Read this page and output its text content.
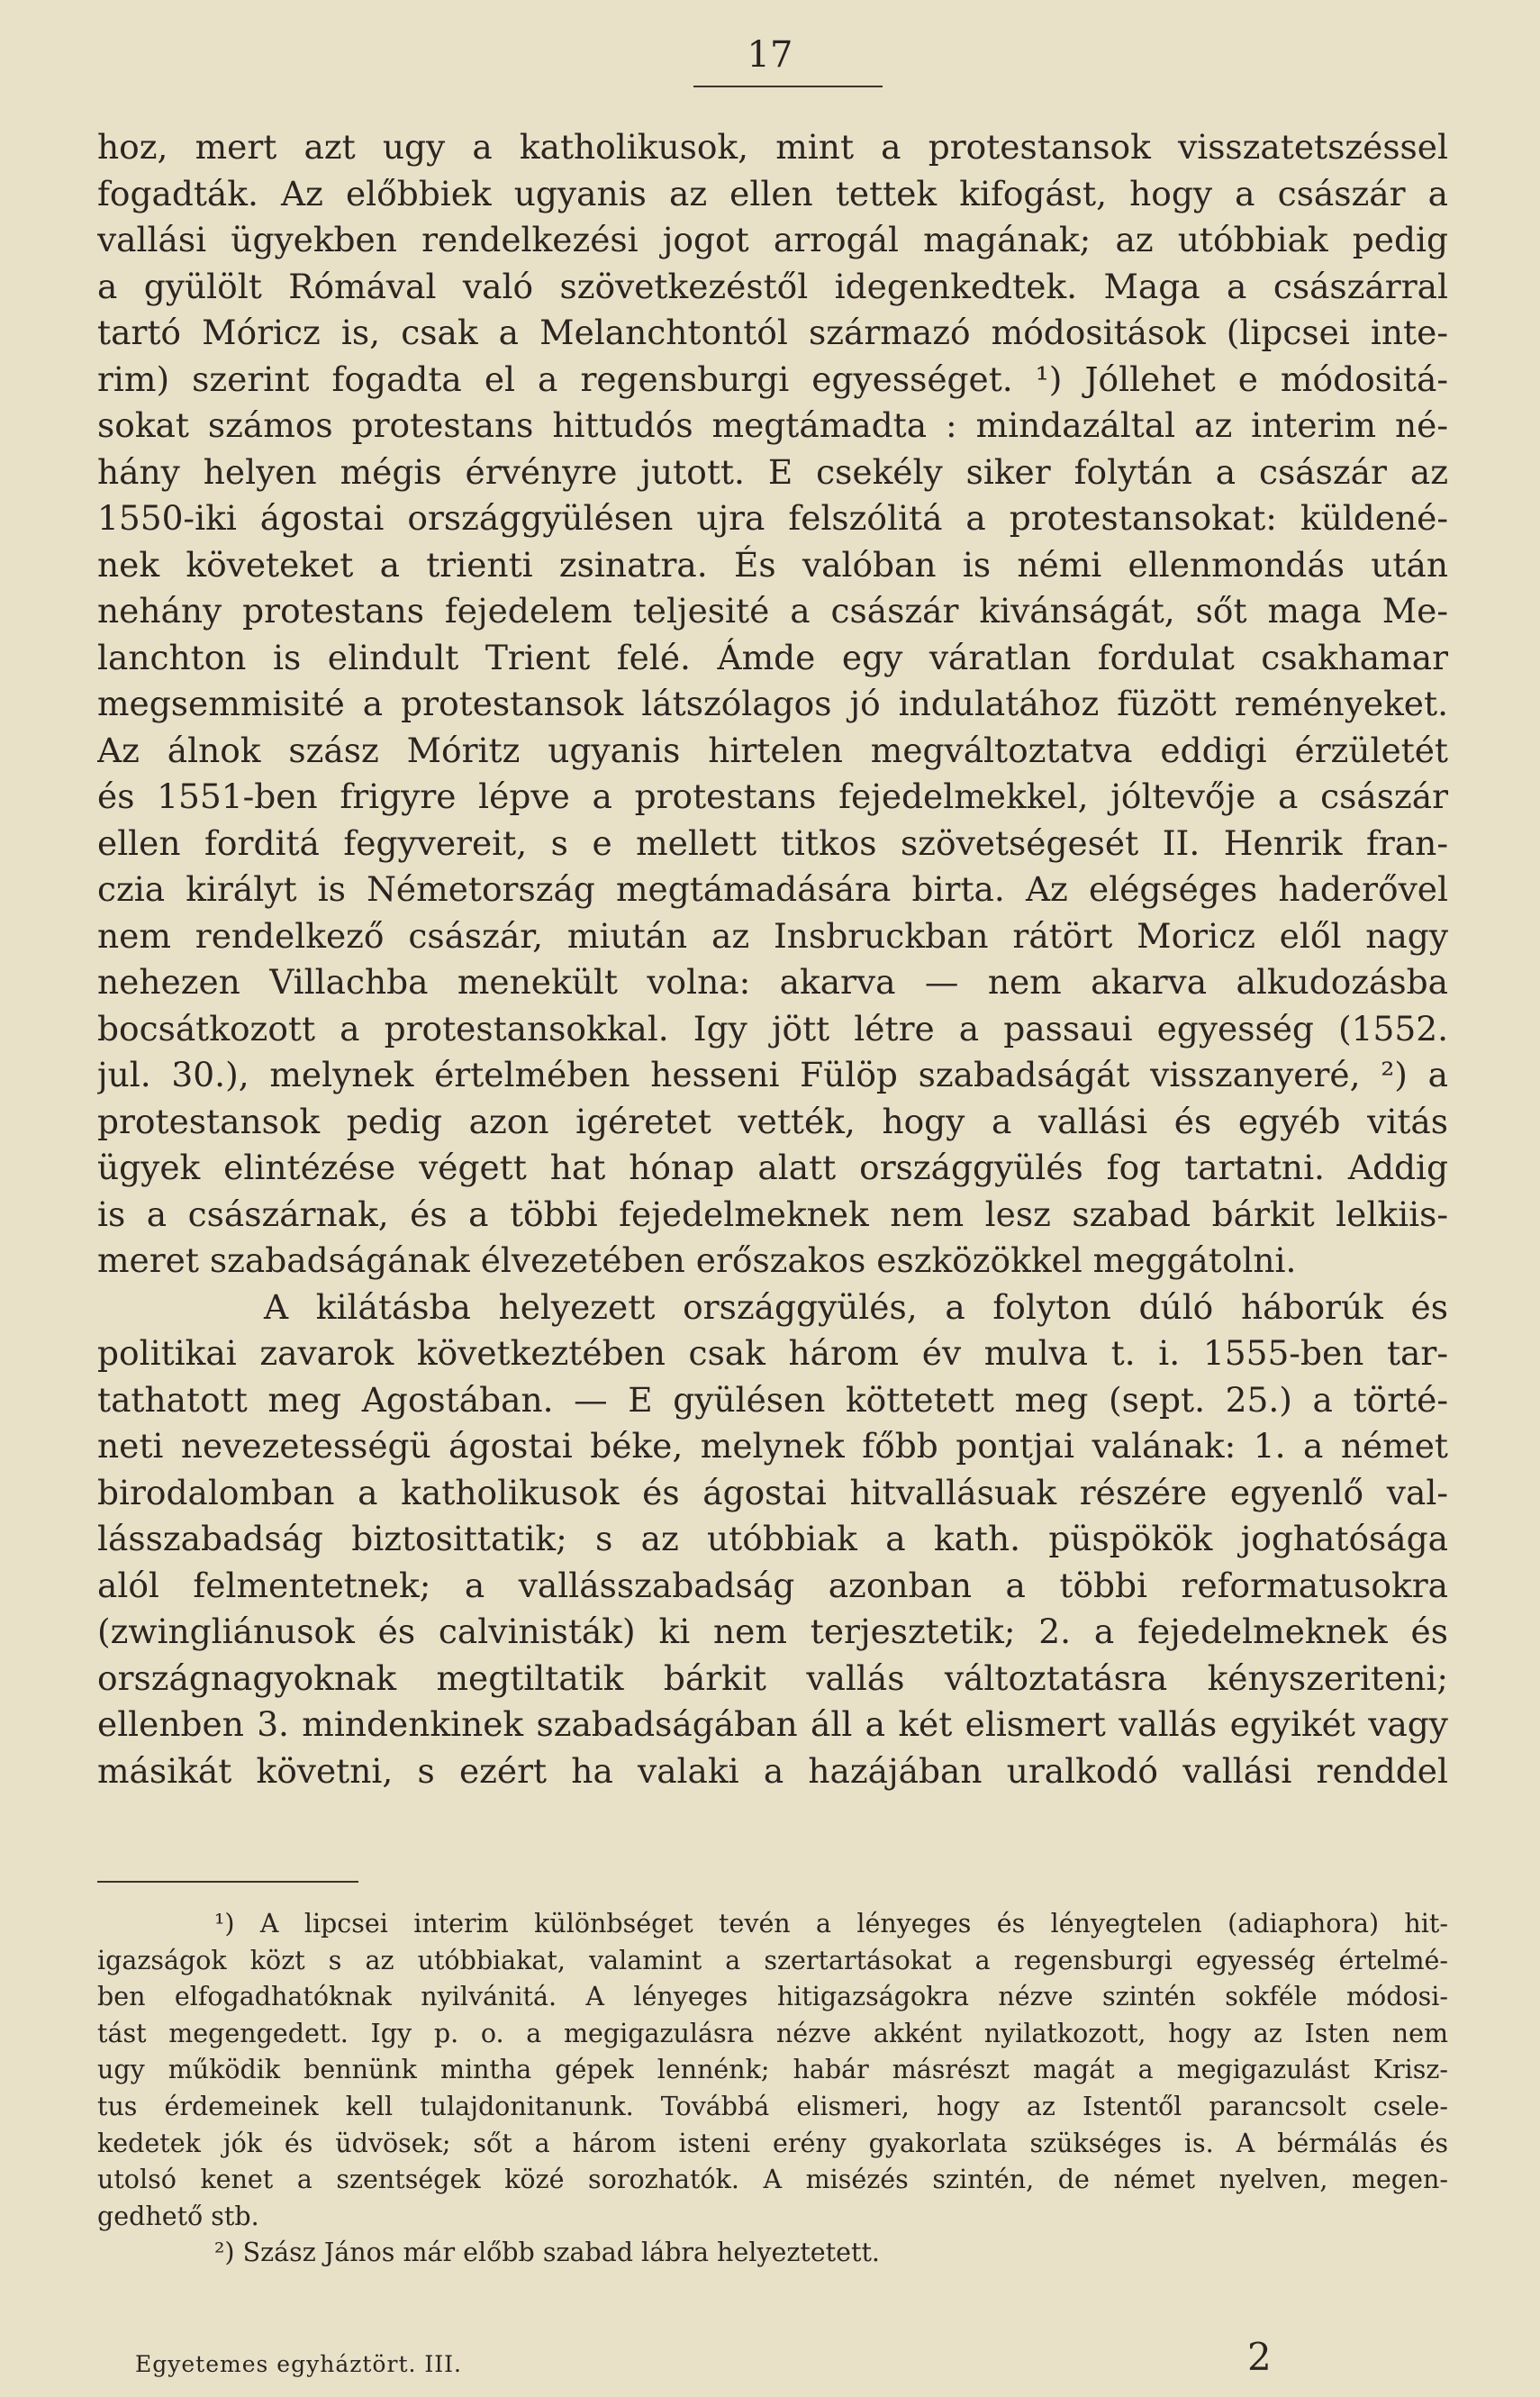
17
hoz, mert azt ugy a katholikusok, mint a protestansok visszatetszéssel
fogadták. Az előbbiek ugyanis az ellen tettek kifogást, hogy a császár a
vallási ügyekben rendelkezési jogot arrogál magának; az utóbbiak pedig
a gyülölt Rómával való szövetkezéstől idegenkedtek. Maga a császárral
tartó Móricz is, csak a Melanchtontól származó módositások (lipcsei inte-
rim) szerint fogadta el a regensburgi egyességet. ¹) Jóllehet e módositá-
sokat számos protestans hittudós megtámadta : mindazáltal az interim né-
hány helyen mégis érvényre jutott. E csekély siker folytán a császár az
1550-iki ágostai országgyülésen ujra felszólitá a protestansokat: küldené-
nek követeket a trienti zsinatra. És valóban is némi ellenmondás után
nehány protestans fejedelem teljesité a császár kivánságát, sőt maga Me-
lanchton is elindult Trient felé. Ámde egy váratlan fordulat csakhamar
megsemmisité a protestansok látszólagos jó indulatához füzött reményeket.
Az álnok szász Móritz ugyanis hirtelen megváltoztatva eddigi érzületét
és 1551-ben frigyre lépve a protestans fejedelmekkel, jóltevője a császár
ellen forditá fegyvereit, s e mellett titkos szövetségesét II. Henrik fran-
czia királyt is Németország megtámadására birta. Az elégséges haderővel
nem rendelkező császár, miután az Insbruckban rátört Moricz elől nagy
nehezen Villachba menekült volna: akarva — nem akarva alkudozásba
bocsátkozott a protestansokkal. Igy jött létre a passaui egyesség (1552.
jul. 30.), melynek értelmében hesseni Fülöp szabadságát visszanyeré, ²) a
protestansok pedig azon igéretet vették, hogy a vallási és egyéb vitás
ügyek elintézése végett hat hónap alatt országgyülés fog tartatni. Addig
is a császárnak, és a többi fejedelmeknek nem lesz szabad bárkit lelkiis-
meret szabadságának élvezetében erőszakos eszközökkel meggátolni.
A kilátásba helyezett országgyülés, a folyton dúló háborúk és
politikai zavarok következtében csak három év mulva t. i. 1555-ben tar-
tathatott meg Agostában. — E gyülésen köttetett meg (sept. 25.) a törté-
neti nevezetességü ágostai béke, melynek főbb pontjai valának: 1. a német
birodalomban a katholikusok és ágostai hitvallásuak részére egyenlő val-
lásszabadság biztosittatik; s az utóbbiak a kath. püspökök joghatósága
alól felmentetnek; a vallásszabadság azonban a többi reformatusokra
(zwingliánusok és calvinisták) ki nem terjesztetik; 2. a fejedelmeknek és
országnagyoknak megtiltatik bárkit vallás változtatásra kényszeriteni;
ellenben 3. mindenkinek szabadságában áll a két elismert vallás egyikét vagy
másikát követni, s ezért ha valaki a hazájában uralkodó vallási renddel
¹) A lipcsei interim különbséget tevén a lényeges és lényegtelen (adiaphora) hit-
igazságok közt s az utóbbiakat, valamint a szertartásokat a regensburgi egyesség értelmé-
ben elfogadhatóknak nyilvánitá. A lényeges hitigazságokra nézve szintén sokféle módosi-
tást megengedett. Igy p. o. a megigazulásra nézve akként nyilatkozott, hogy az Isten nem
ugy működik bennünk mintha gépek lennénk; habár másrészt magát a megigazulást Krisz-
tus érdemeinek kell tulajdonitanunk. Továbbá elismeri, hogy az Istentől parancsolt csele-
kedetek jók és üdvösek; sőt a három isteni erény gyakorlata szükséges is. A bérmálás és
utolsó kenet a szentségek közé sorozhatók. A misézés szintén, de német nyelven, megen-
gedhető stb.
²) Szász János már előbb szabad lábra helyeztetett.
Egyetemes egyháztört. III.	2
